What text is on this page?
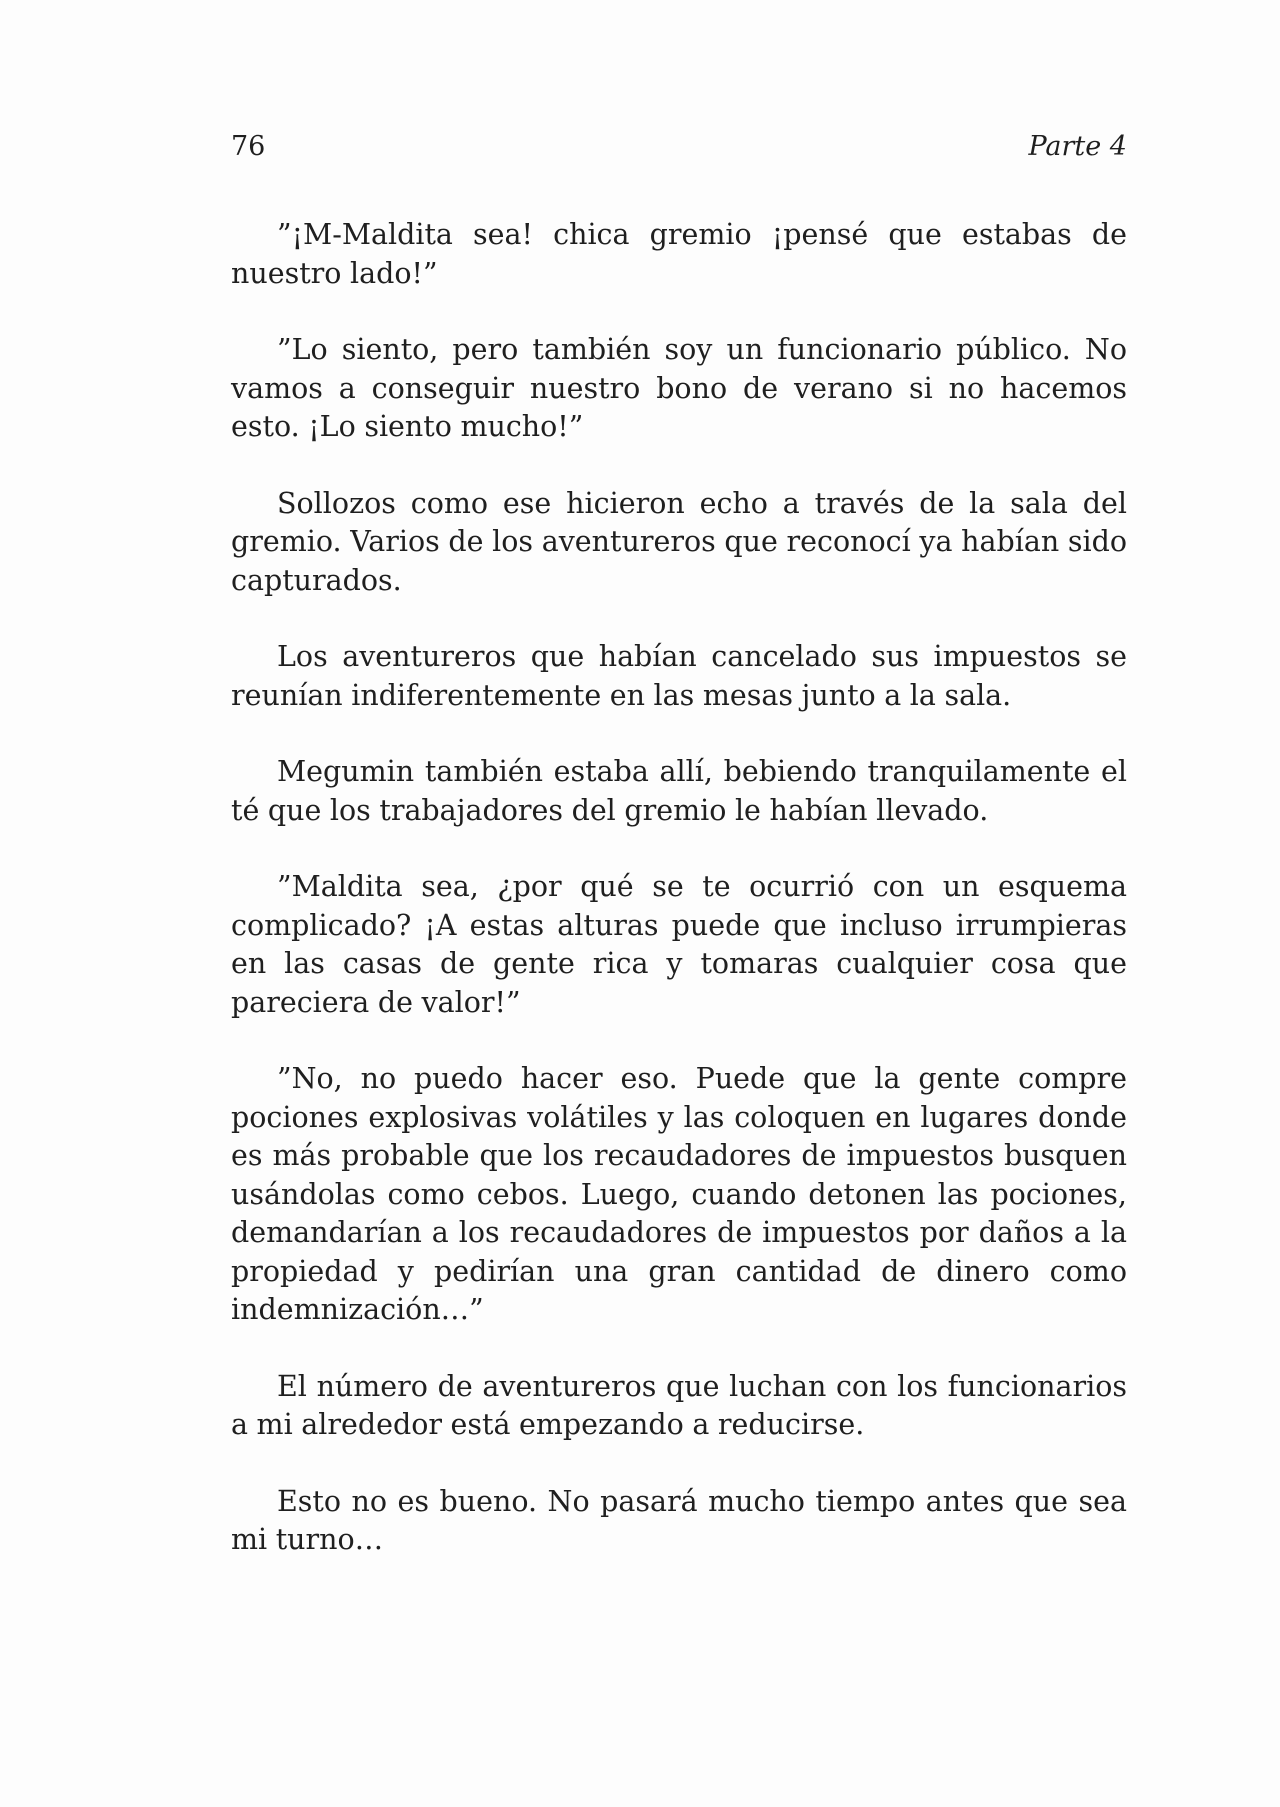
76	Parte 4

”¡M-Maldita sea! chica gremio ¡pensé que estabas de nuestro lado!”

”Lo siento, pero también soy un funcionario público. No vamos a conseguir nuestro bono de verano si no hacemos esto. ¡Lo siento mucho!”

Sollozos como ese hicieron echo a través de la sala del gremio. Varios de los aventureros que reconocí ya habían sido capturados.

Los aventureros que habían cancelado sus impuestos se reunían indiferentemente en las mesas junto a la sala.

Megumin también estaba allí, bebiendo tranquilamente el té que los trabajadores del gremio le habían llevado.

”Maldita sea, ¿por qué se te ocurrió con un esquema complicado? ¡A estas alturas puede que incluso irrumpieras en las casas de gente rica y tomaras cualquier cosa que pareciera de valor!”

”No, no puedo hacer eso. Puede que la gente compre pociones explosivas volátiles y las coloquen en lugares donde es más probable que los recaudadores de impuestos busquen usándolas como cebos. Luego, cuando detonen las pociones, demandarían a los recaudadores de impuestos por daños a la propiedad y pedirían una gran cantidad de dinero como indemnización…”

El número de aventureros que luchan con los funcionarios a mi alrededor está empezando a reducirse.

Esto no es bueno. No pasará mucho tiempo antes que sea mi turno…
